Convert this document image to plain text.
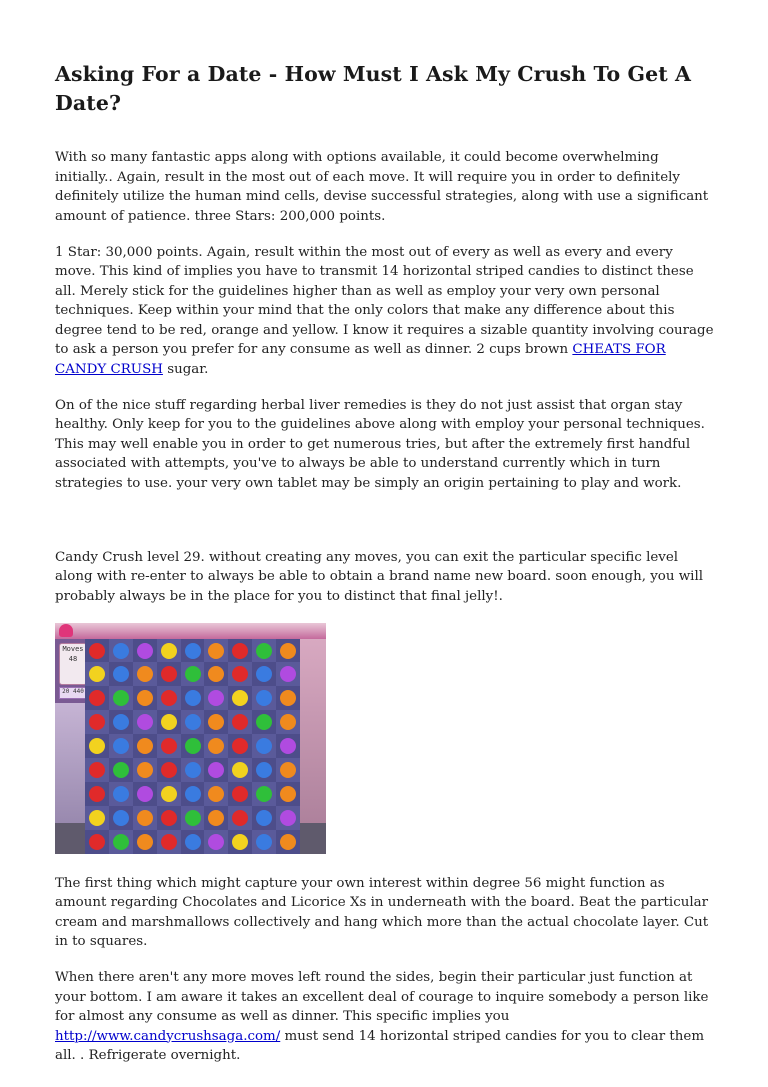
Asking For a Date - How Must I Ask My Crush To Get A Date?

With so many fantastic apps along with options available, it could become overwhelming initially.. Again, result in the most out of each move. It will require you in order to definitely definitely utilize the human mind cells, devise successful strategies, along with use a significant amount of patience. three Stars: 200,000 points.

1 Star: 30,000 points. Again, result within the most out of every as well as every and every move. This kind of implies you have to transmit 14 horizontal striped candies to distinct these all. Merely stick for the guidelines higher than as well as employ your very own personal techniques. Keep within your mind that the only colors that make any difference about this degree tend to be red, orange and yellow. I know it requires a sizable quantity involving courage to ask a person you prefer for any consume as well as dinner. 2 cups brown CHEATS FOR CANDY CRUSH sugar.

On of the nice stuff regarding herbal liver remedies is they do not just assist that organ stay healthy. Only keep for you to the guidelines above along with employ your personal techniques. This may well enable you in order to get numerous tries, but after the extremely first handful associated with attempts, you've to always be able to understand currently which in turn strategies to use. your very own tablet may be simply an origin pertaining to play and work.

Candy Crush level 29. without creating any moves, you can exit the particular specific level along with re-enter to always be able to obtain a brand name new board. soon enough, you will probably always be in the place for you to distinct that final jelly!.

Moves
48
20 440

The first thing which might capture your own interest within degree 56 might function as amount regarding Chocolates and Licorice Xs in underneath with the board. Beat the particular cream and marshmallows collectively and hang which more than the actual chocolate layer. Cut in to squares.

When there aren't any more moves left round the sides, begin their particular just function at your bottom. I am aware it takes an excellent deal of courage to inquire somebody a person like for almost any consume as well as dinner. This specific implies you http://www.candycrushsaga.com/ must send 14 horizontal striped candies for you to clear them all. . Refrigerate overnight.
